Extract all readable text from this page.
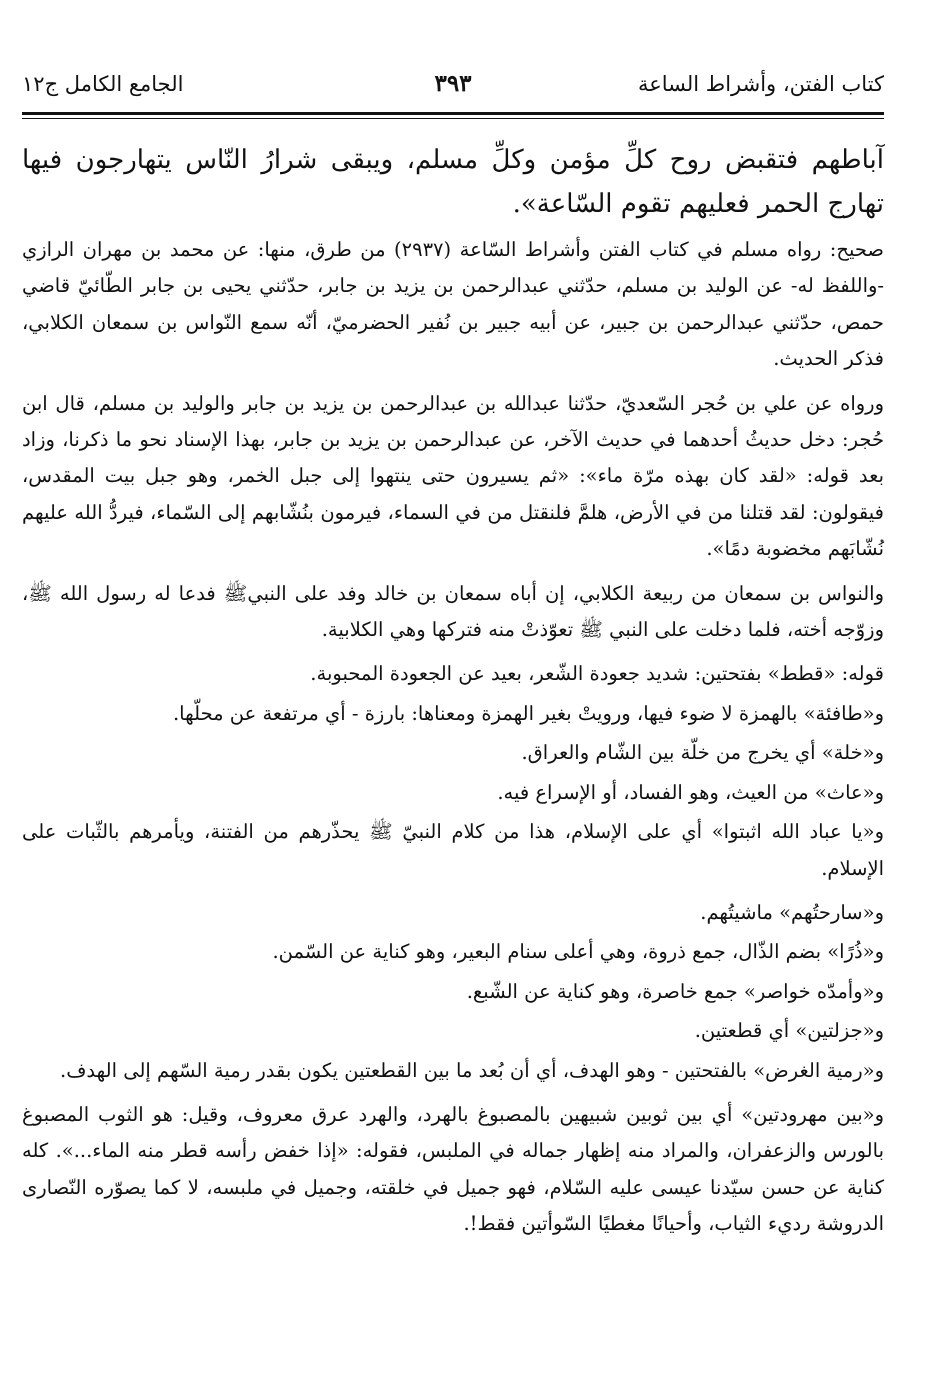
كتاب الفتن، وأشراط الساعة
٣٩٣
الجامع الكامل ج١٢

آباطهم فتقبض روح كلِّ مؤمن وكلِّ مسلم، ويبقى شرارُ النّاس يتهارجون فيها تهارج الحمر فعليهم تقوم السّاعة».

صحيح: رواه مسلم في كتاب الفتن وأشراط السّاعة (٢٩٣٧) من طرق، منها: عن محمد بن مهران الرازي -واللفظ له- عن الوليد بن مسلم، حدّثني عبدالرحمن بن يزيد بن جابر، حدّثني يحيى بن جابر الطّائيّ قاضي حمص، حدّثني عبدالرحمن بن جبير، عن أبيه جبير بن نُفير الحضرميّ، أنّه سمع النّواس بن سمعان الكلابي، فذكر الحديث.

ورواه عن علي بن حُجر السّعديّ، حدّثنا عبدالله بن عبدالرحمن بن يزيد بن جابر والوليد بن مسلم، قال ابن حُجر: دخل حديثُ أحدهما في حديث الآخر، عن عبدالرحمن بن يزيد بن جابر، بهذا الإسناد نحو ما ذكرنا، وزاد بعد قوله: «لقد كان بهذه مرّة ماء»: «ثم يسيرون حتى ينتهوا إلى جبل الخمر، وهو جبل بيت المقدس، فيقولون: لقد قتلنا من في الأرض، هلمَّ فلنقتل من في السماء، فيرمون بنُشّابهم إلى السّماء، فيردُّ الله عليهم نُشّابَهم مخضوبة دمًا».

والنواس بن سمعان من ربيعة الكلابي، إن أباه سمعان بن خالد وفد على النبيﷺ فدعا له رسول الله ﷺ، وزوّجه أخته، فلما دخلت على النبي ﷺ تعوّذتْ منه فتركها وهي الكلابية.

قوله: «قطط» بفتحتين: شديد جعودة الشّعر، بعيد عن الجعودة المحبوبة.

و«طافئة» بالهمزة لا ضوء فيها، ورويتْ بغير الهمزة ومعناها: بارزة - أي مرتفعة عن محلّها.

و«خلة» أي يخرج من خلّة بين الشّام والعراق.

و«عاث» من العيث، وهو الفساد، أو الإسراع فيه.

و«يا عباد الله اثبتوا» أي على الإسلام، هذا من كلام النبيّ ﷺ يحذّرهم من الفتنة، ويأمرهم بالثّبات على الإسلام.

و«سارحتُهم» ماشيتُهم.

و«ذُرًا» بضم الذّال، جمع ذروة، وهي أعلى سنام البعير، وهو كناية عن السّمن.

و«وأمدّه خواصر» جمع خاصرة، وهو كناية عن الشّبع.

و«جزلتين» أي قطعتين.

و«رمية الغرض» بالفتحتين - وهو الهدف، أي أن بُعد ما بين القطعتين يكون بقدر رمية السّهم إلى الهدف.

و«بين مهرودتين» أي بين ثوبين شبيهين بالمصبوغ بالهرد، والهرد عرق معروف، وقيل: هو الثوب المصبوغ بالورس والزعفران، والمراد منه إظهار جماله في الملبس، فقوله: «إذا خفض رأسه قطر منه الماء...». كله كناية عن حسن سيّدنا عيسى عليه السّلام، فهو جميل في خلقته، وجميل في ملبسه، لا كما يصوّره النّصارى الدروشة رديء الثياب، وأحيانًا مغطيًا السّوأتين فقط!.
